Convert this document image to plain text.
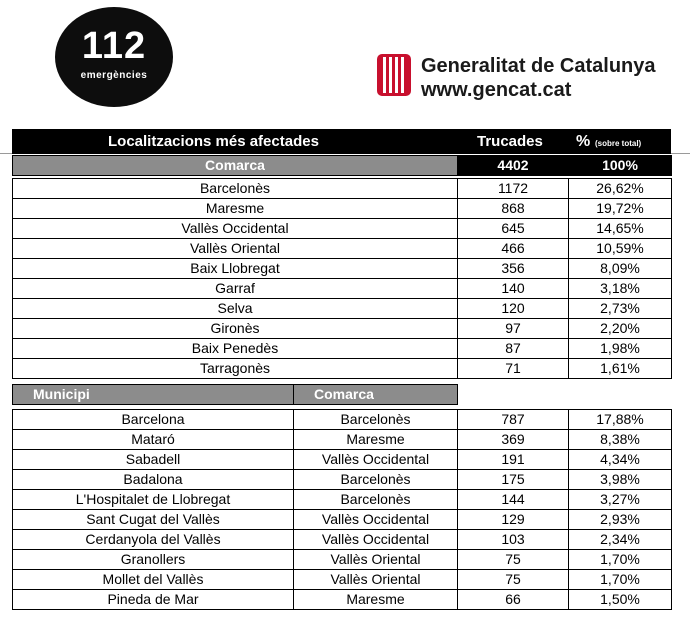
112
emergències	Generalitat de Catalunya
www.gencat.cat
Localitzacions més afectades	Trucades % (sobre total)
Comarca	4402	100%
Barcelonès	1172	26,62%
Maresme	868	19,72%
Vallès Occidental	645	14,65%
Vallès Oriental	466	10,59%
Baix Llobregat	356	8,09%
Garraf	140	3,18%
Selva	120	2,73%
Gironès	97	2,20%
Baix Penedès	87	1,98%
Tarragonès	71	1,61%
Municipi	Comarca
Barcelona	Barcelonès	787	17,88%
Mataró	Maresme	369	8,38%
Sabadell	Vallès Occidental	191	4,34%
Badalona	Barcelonès	175	3,98%
L'Hospitalet de Llobregat	Barcelonès	144	3,27%
Sant Cugat del Vallès	Vallès Occidental	129	2,93%
Cerdanyola del Vallès	Vallès Occidental	103	2,34%
Granollers	Vallès Oriental	75	1,70%
Mollet del Vallès	Vallès Oriental	75	1,70%
Pineda de Mar	Maresme	66	1,50%
